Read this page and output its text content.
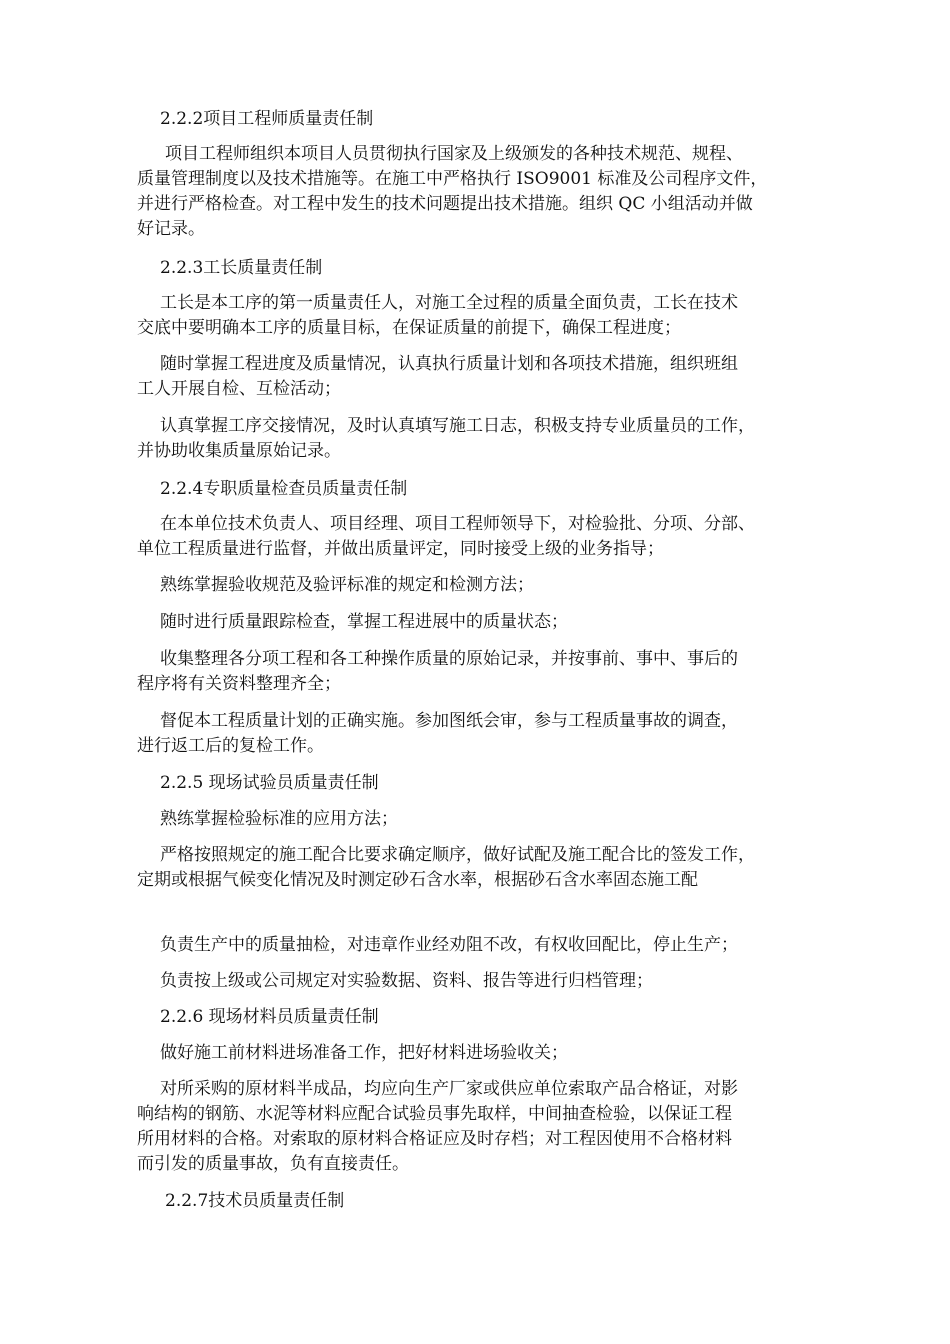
2.2.2项目工程师质量责任制

项目工程师组织本项目人员贯彻执行国家及上级颁发的各种技术规范、规程、
质量管理制度以及技术措施等。在施工中严格执行 ISO9001 标准及公司程序文件，
并进行严格检查。对工程中发生的技术问题提出技术措施。组织 QC 小组活动并做
好记录。

2.2.3工长质量责任制

工长是本工序的第一质量责任人，对施工全过程的质量全面负责，工长在技术
交底中要明确本工序的质量目标，在保证质量的前提下，确保工程进度；

随时掌握工程进度及质量情况，认真执行质量计划和各项技术措施，组织班组
工人开展自检、互检活动；

认真掌握工序交接情况，及时认真填写施工日志，积极支持专业质量员的工作，
并协助收集质量原始记录。

2.2.4专职质量检查员质量责任制

在本单位技术负责人、项目经理、项目工程师领导下，对检验批、分项、分部、
单位工程质量进行监督，并做出质量评定，同时接受上级的业务指导；

熟练掌握验收规范及验评标准的规定和检测方法；

随时进行质量跟踪检查，掌握工程进展中的质量状态；

收集整理各分项工程和各工种操作质量的原始记录，并按事前、事中、事后的
程序将有关资料整理齐全；

督促本工程质量计划的正确实施。参加图纸会审，参与工程质量事故的调查，
进行返工后的复检工作。

2.2.5 现场试验员质量责任制

熟练掌握检验标准的应用方法；

严格按照规定的施工配合比要求确定顺序，做好试配及施工配合比的签发工作，
定期或根据气候变化情况及时测定砂石含水率，根据砂石含水率固态施工配

负责生产中的质量抽检，对违章作业经劝阻不改，有权收回配比，停止生产；

负责按上级或公司规定对实验数据、资料、报告等进行归档管理；

2.2.6 现场材料员质量责任制

做好施工前材料进场准备工作，把好材料进场验收关；

对所采购的原材料半成品，均应向生产厂家或供应单位索取产品合格证，对影
响结构的钢筋、水泥等材料应配合试验员事先取样，中间抽查检验，以保证工程
所用材料的合格。对索取的原材料合格证应及时存档；对工程因使用不合格材料
而引发的质量事故，负有直接责任。

2.2.7技术员质量责任制
